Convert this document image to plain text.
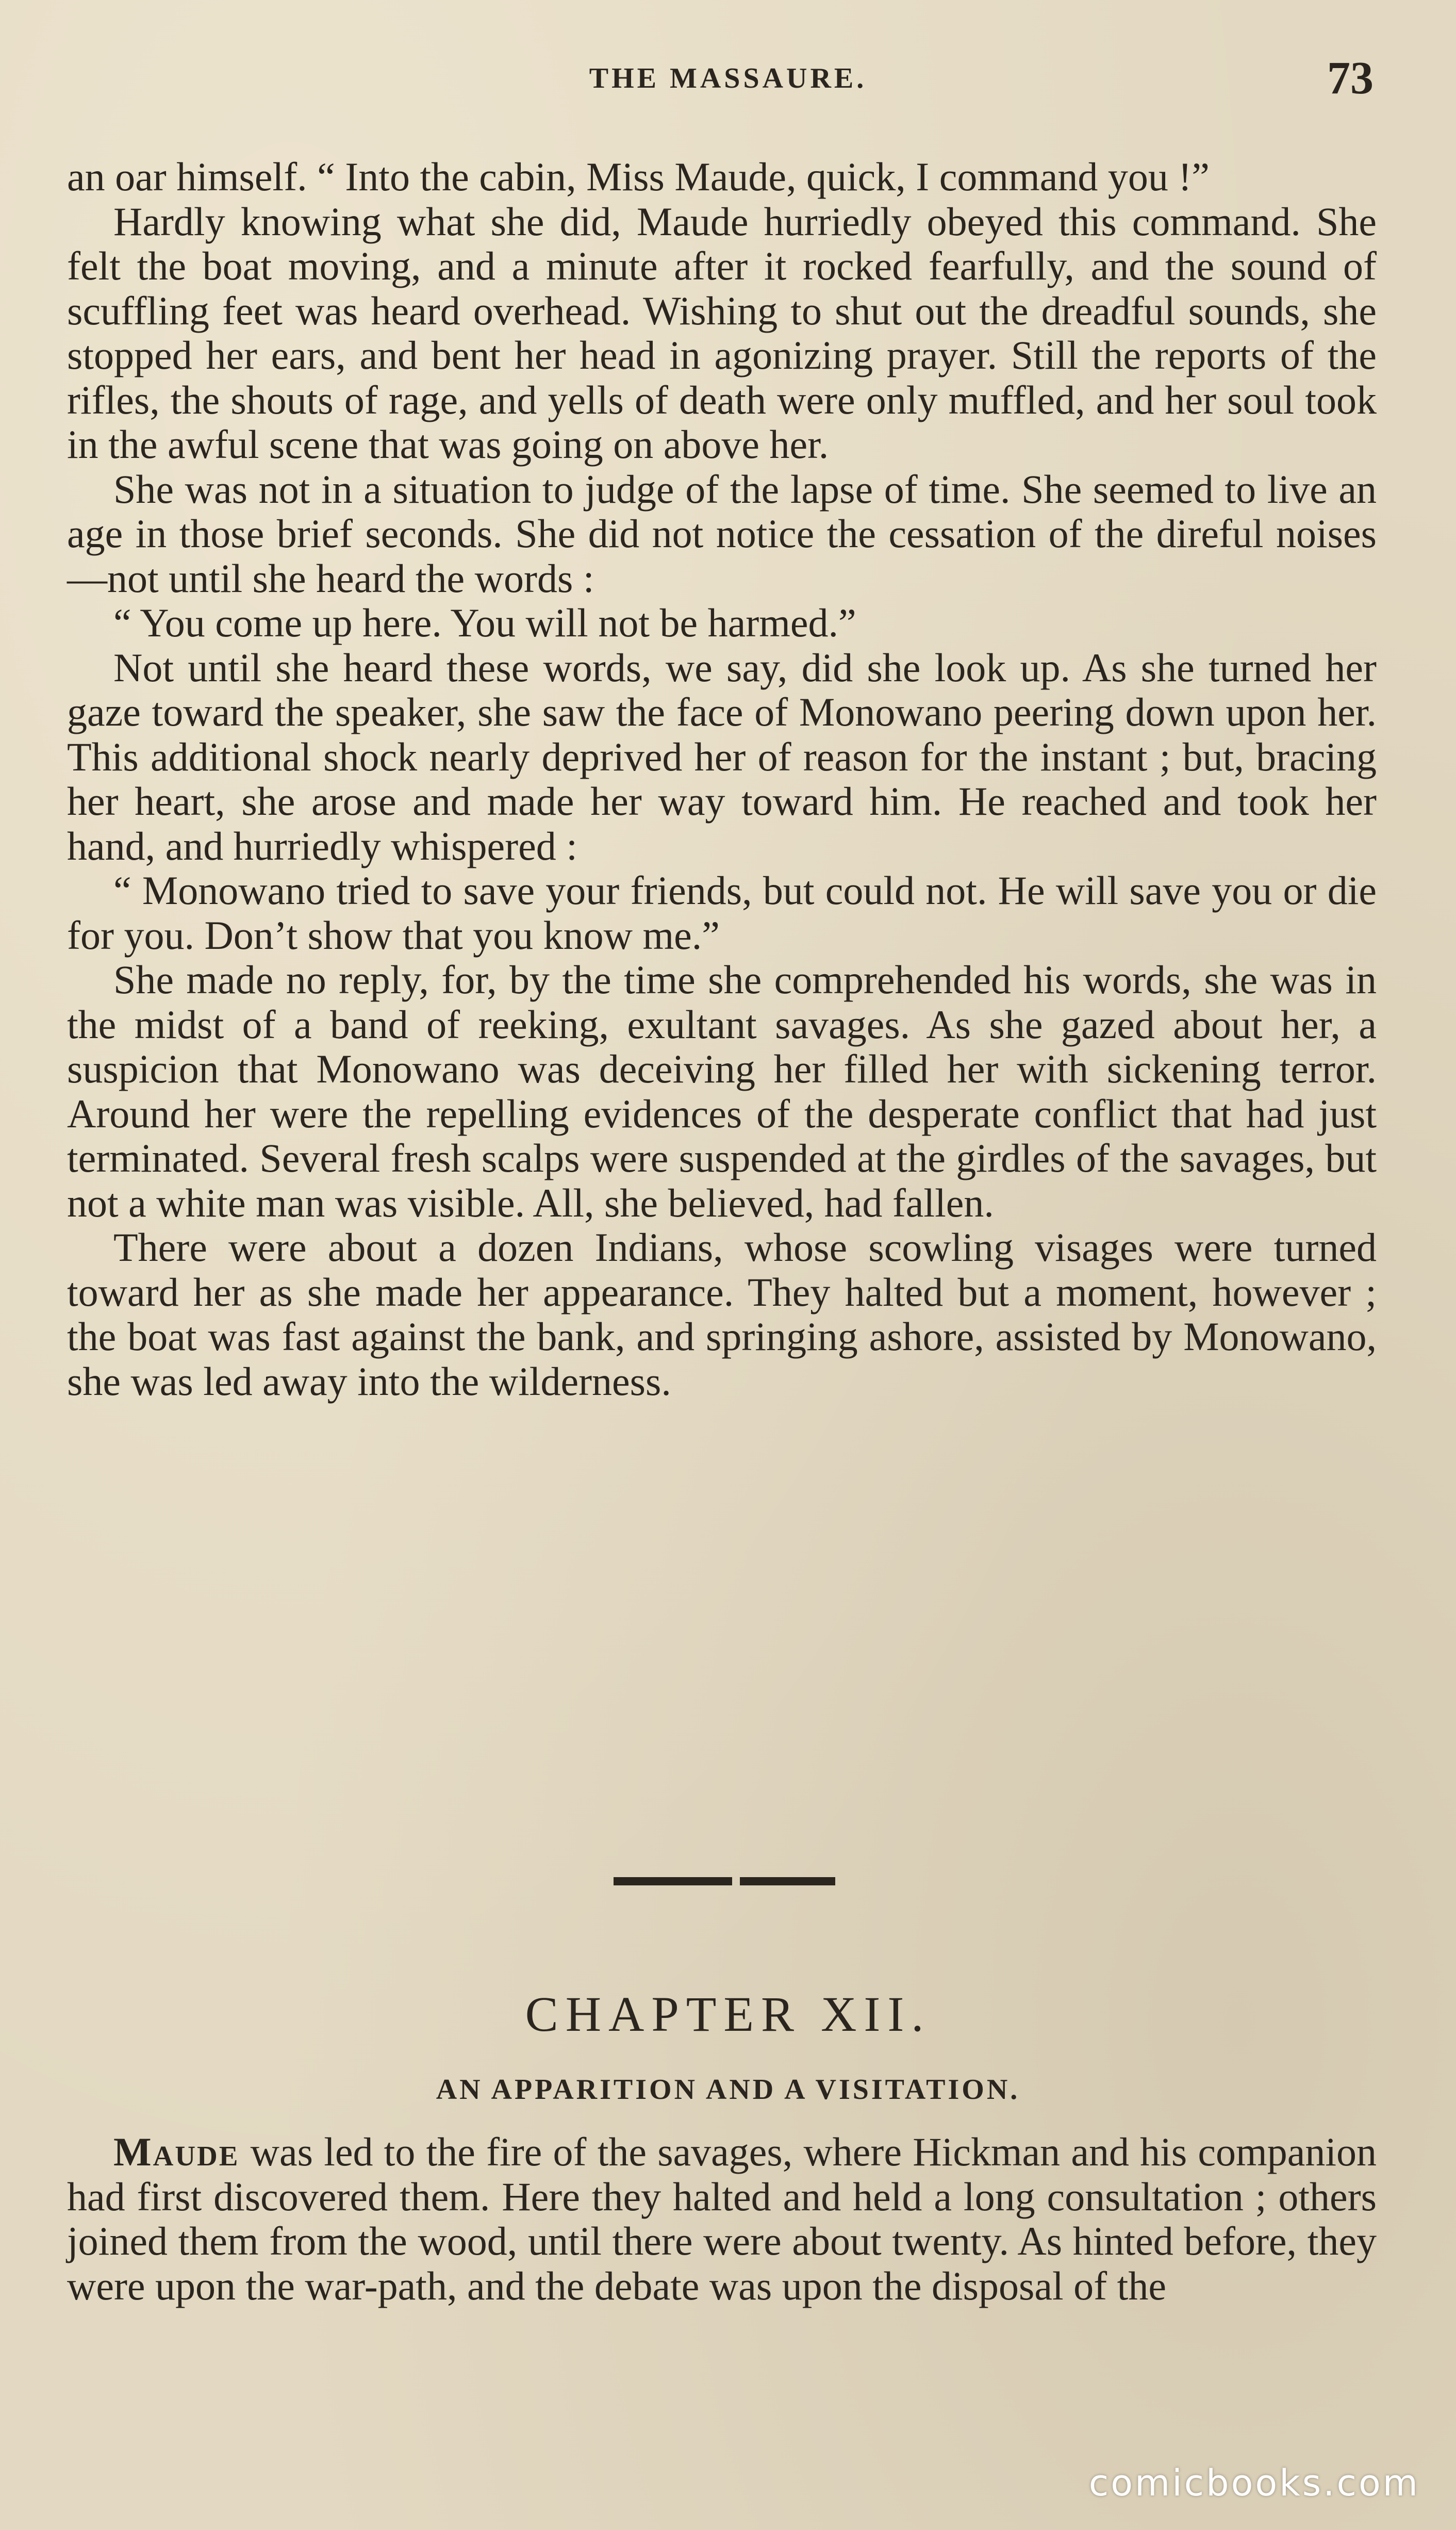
THE MASSAURE.	73

an oar himself. “ Into the cabin, Miss Maude, quick, I command you !”

Hardly knowing what she did, Maude hurriedly obeyed this command. She felt the boat moving, and a minute after it rocked fearfully, and the sound of scuffling feet was heard overhead. Wishing to shut out the dreadful sounds, she stopped her ears, and bent her head in agonizing prayer. Still the reports of the rifles, the shouts of rage, and yells of death were only muffled, and her soul took in the awful scene that was going on above her.

She was not in a situation to judge of the lapse of time. She seemed to live an age in those brief seconds. She did not notice the cessation of the direful noises—not until she heard the words :

“ You come up here. You will not be harmed.”

Not until she heard these words, we say, did she look up. As she turned her gaze toward the speaker, she saw the face of Monowano peering down upon her. This additional shock nearly deprived her of reason for the instant ; but, bracing her heart, she arose and made her way toward him. He reached and took her hand, and hurriedly whispered :

“ Monowano tried to save your friends, but could not. He will save you or die for you. Don’t show that you know me.”

She made no reply, for, by the time she comprehended his words, she was in the midst of a band of reeking, exultant savages. As she gazed about her, a suspicion that Monowano was deceiving her filled her with sickening terror. Around her were the repelling evidences of the desperate conflict that had just terminated. Several fresh scalps were suspended at the girdles of the savages, but not a white man was visible. All, she believed, had fallen.

There were about a dozen Indians, whose scowling visages were turned toward her as she made her appearance. They halted but a moment, however ; the boat was fast against the bank, and springing ashore, assisted by Monowano, she was led away into the wilderness.

CHAPTER XII.
AN APPARITION AND A VISITATION.

Maude was led to the fire of the savages, where Hickman and his companion had first discovered them. Here they halted and held a long consultation ; others joined them from the wood, until there were about twenty. As hinted before, they were upon the war-path, and the debate was upon the disposal of the

comicbooks.com
